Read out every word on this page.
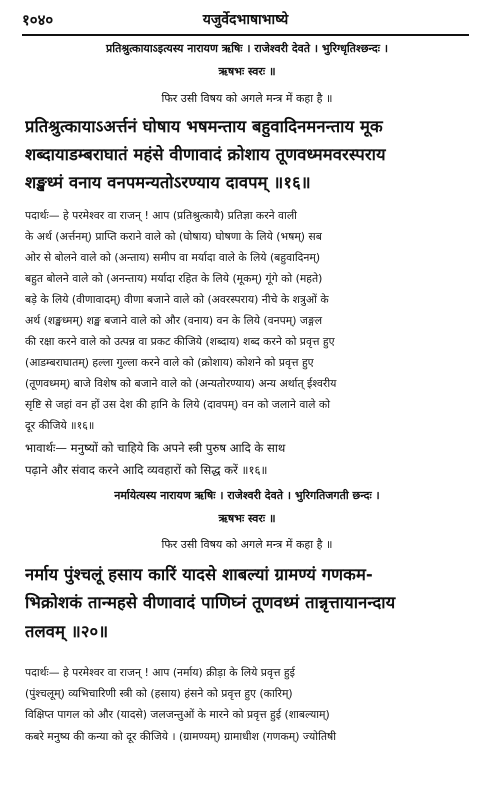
१०४०	यजुर्वेदभाषाभाष्ये
प्रतिश्रुत्कायाऽइत्यस्य नारायण ऋषिः । राजेश्वरी देवते । भुरिग्धृतिश्छन्दः ।
ऋषभः स्वरः ॥
फिर उसी विषय को अगले मन्त्र में कहा है ॥
प्रतिश्रुत्कायाऽअर्त्तनं घोषाय भषमन्ताय बहुवादिनमनन्ताय मूक
शब्दायाडम्बराघातं महंसे वीणावादं क्रोशाय तूणवध्ममवरस्पराय
शङ्खध्मं वनाय वनपमन्यतोऽरण्याय दावपम् ॥१६॥
पदार्थः— हे परमेश्वर वा राजन् ! आप (प्रतिश्रुत्कायै) प्रतिज्ञा करने वाली
के अर्थ (अर्त्तनम्) प्राप्ति कराने वाले को (घोषाय) घोषणा के लिये (भषम्) सब
ओर से बोलने वाले को (अन्ताय) समीप वा मर्यादा वाले के लिये (बहुवादिनम्)
बहुत बोलने वाले को (अनन्ताय) मर्यादा रहित के लिये (मूकम्) गूंगे को (महते)
बड़े के लिये (वीणावादम्) वीणा बजाने वाले को (अवरस्पराय) नीचे के शत्रुओं के
अर्थ (शङ्खध्मम्) शङ्ख बजाने वाले को और (वनाय) वन के लिये (वनपम्) जङ्गल
की रक्षा करने वाले को उत्पन्न वा प्रकट कीजिये (शब्दाय) शब्द करने को प्रवृत्त हुए
(आडम्बराघातम्) हल्ला गुल्ला करने वाले को (क्रोशाय) कोशने को प्रवृत्त हुए
(तूणवध्मम्) बाजे विशेष को बजाने वाले को (अन्यतोरण्याय) अन्य अर्थात् ईश्वरीय
सृष्टि से जहां वन हों उस देश की हानि के लिये (दावपम्) वन को जलाने वाले को
दूर कीजिये ॥१६॥
भावार्थः— मनुष्यों को चाहिये कि अपने स्त्री पुरुष आदि के साथ
पढ़ाने और संवाद करने आदि व्यवहारों को सिद्ध करें ॥१६॥
नर्मायेत्यस्य नारायण ऋषिः । राजेश्वरी देवते । भुरिगतिजगती छन्दः ।
ऋषभः स्वरः ॥
फिर उसी विषय को अगले मन्त्र में कहा है ॥
नर्माय पुंश्चलूं हसाय कारिं यादसे शाबल्यां ग्रामण्यं गणकम-
भिक्रोशकं तान्महसे वीणावादं पाणिघ्नं तूणवध्मं तान्नृत्तायानन्दाय
तलवम् ॥२०॥
पदार्थः— हे परमेश्वर वा राजन् ! आप (नर्माय) क्रीड़ा के लिये प्रवृत्त हुई
(पुंश्चलूम्) व्यभिचारिणी स्त्री को (हसाय) हंसने को प्रवृत्त हुए (कारिम्)
विक्षिप्त पागल को और (यादसे) जलजन्तुओं के मारने को प्रवृत्त हुई (शाबल्याम्)
कबरे मनुष्य की कन्या को दूर कीजिये । (ग्रामण्यम्) ग्रामाधीश (गणकम्) ज्योतिषी
